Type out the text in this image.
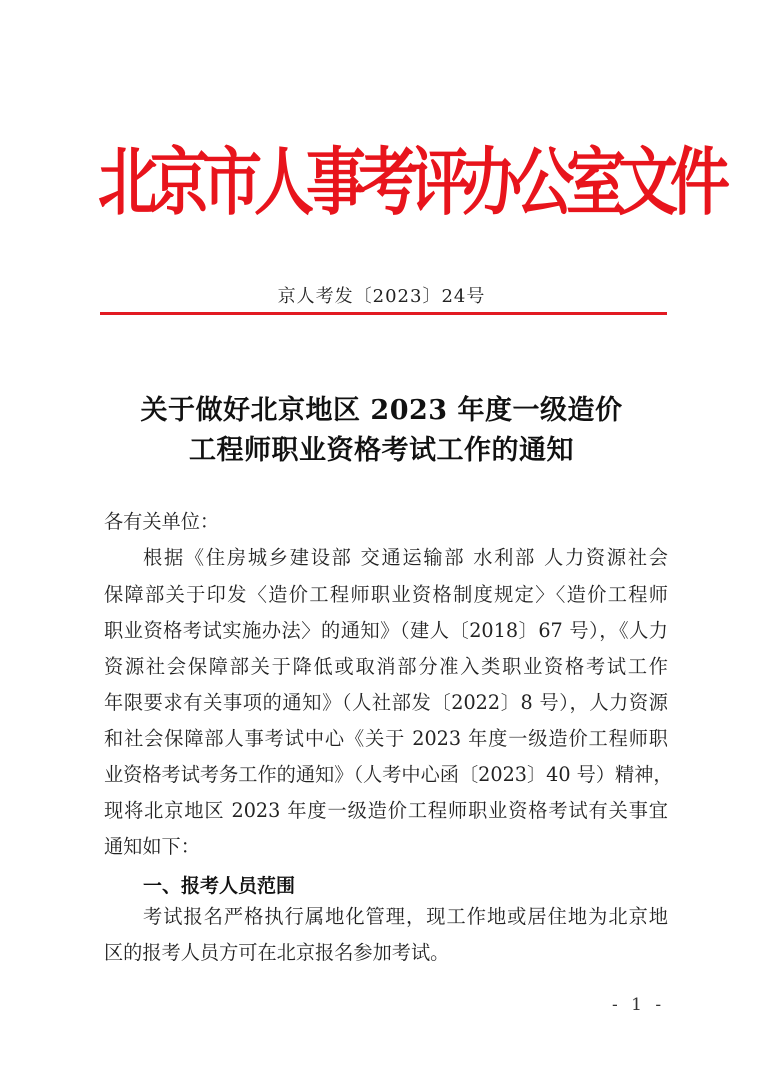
北
京
市
人
事
考
评
办
公
室
文
件
京人考发〔2023〕24号
关于做好北京地区 2023 年度一级造价
工程师职业资格考试工作的通知
各有关单位：
根据《住房城乡建设部 交通运输部 水利部 人力资源社会
保障部关于印发〈造价工程师职业资格制度规定〉〈造价工程师
职业资格考试实施办法〉的通知》（建人〔2018〕67 号），《人力
资源社会保障部关于降低或取消部分准入类职业资格考试工作
年限要求有关事项的通知》（人社部发〔2022〕8 号），人力资源
和社会保障部人事考试中心《关于 2023 年度一级造价工程师职
业资格考试考务工作的通知》（人考中心函〔2023〕40 号）精神，
现将北京地区 2023 年度一级造价工程师职业资格考试有关事宜
通知如下：
一、报考人员范围
考试报名严格执行属地化管理，现工作地或居住地为北京地
区的报考人员方可在北京报名参加考试。
- 1 -
